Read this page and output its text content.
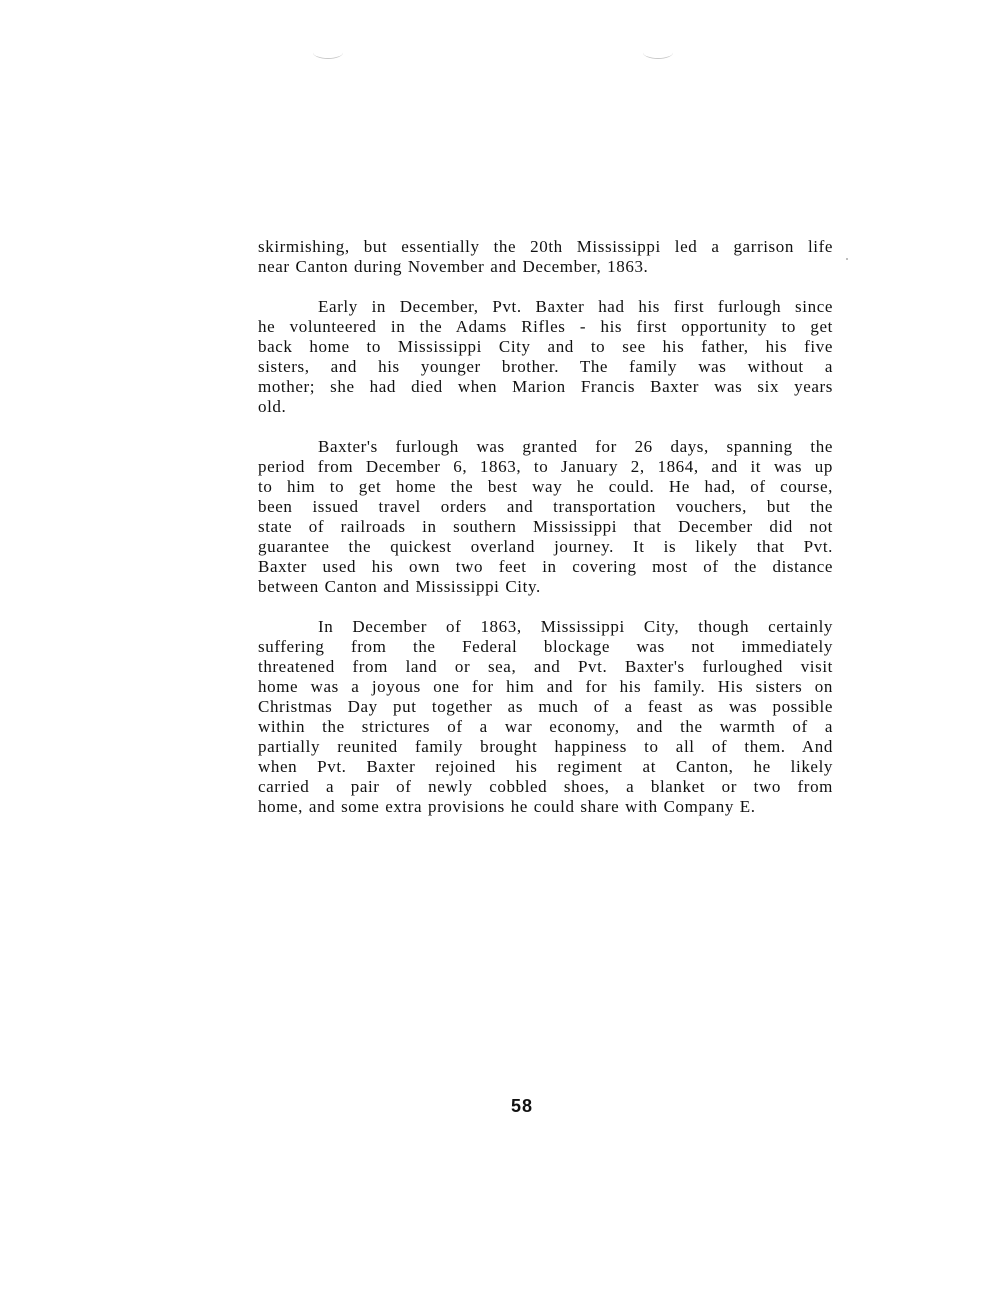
skirmishing, but essentially the 20th Mississippi led a garrison life
near Canton during November and December, 1863.

Early in December, Pvt. Baxter had his first furlough since
he volunteered in the Adams Rifles - his first opportunity to get
back home to Mississippi City and to see his father, his five
sisters, and his younger brother. The family was without a
mother; she had died when Marion Francis Baxter was six years
old.

Baxter's furlough was granted for 26 days, spanning the
period from December 6, 1863, to January 2, 1864, and it was up
to him to get home the best way he could. He had, of course,
been issued travel orders and transportation vouchers, but the
state of railroads in southern Mississippi that December did not
guarantee the quickest overland journey. It is likely that Pvt.
Baxter used his own two feet in covering most of the distance
between Canton and Mississippi City.

In December of 1863, Mississippi City, though certainly
suffering from the Federal blockage was not immediately
threatened from land or sea, and Pvt. Baxter's furloughed visit
home was a joyous one for him and for his family. His sisters on
Christmas Day put together as much of a feast as was possible
within the strictures of a war economy, and the warmth of a
partially reunited family brought happiness to all of them. And
when Pvt. Baxter rejoined his regiment at Canton, he likely
carried a pair of newly cobbled shoes, a blanket or two from
home, and some extra provisions he could share with Company E.

58
